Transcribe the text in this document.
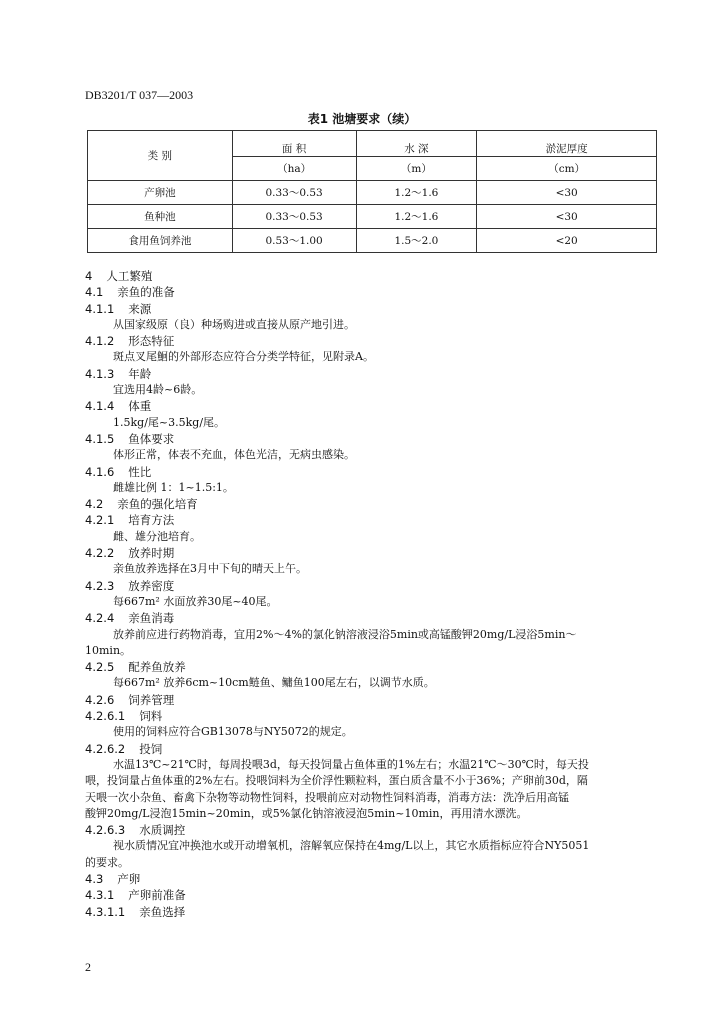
DB3201/T 037—2003
表1 池塘要求（续）
类 别	面 积	水 深	淤泥厚度
	（ha）	（m）	（cm）
产卵池	0.33～0.53	1.2～1.6	<30
鱼种池	0.33～0.53	1.2～1.6	<30
食用鱼饲养池	0.53～1.00	1.5～2.0	<20
4 人工繁殖
4.1 亲鱼的准备
4.1.1 来源
从国家级原（良）种场购进或直接从原产地引进。
4.1.2 形态特征
斑点叉尾鮰的外部形态应符合分类学特征，见附录A。
4.1.3 年龄
宜选用4龄~6龄。
4.1.4 体重
1.5kg/尾~3.5kg/尾。
4.1.5 鱼体要求
体形正常，体表不充血，体色光洁，无病虫感染。
4.1.6 性比
雌雄比例 1：1~1.5:1。
4.2 亲鱼的强化培育
4.2.1 培育方法
雌、雄分池培育。
4.2.2 放养时期
亲鱼放养选择在3月中下旬的晴天上午。
4.2.3 放养密度
每667m² 水面放养30尾~40尾。
4.2.4 亲鱼消毒
放养前应进行药物消毒，宜用2%～4%的氯化钠溶液浸浴5min或高锰酸钾20mg/L浸浴5min～
10min。
4.2.5 配养鱼放养
每667m² 放养6cm~10cm鲢鱼、鳙鱼100尾左右，以调节水质。
4.2.6 饲养管理
4.2.6.1 饲料
使用的饲料应符合GB13078与NY5072的规定。
4.2.6.2 投饲
水温13℃~21℃时，每周投喂3d，每天投饲量占鱼体重的1%左右；水温21℃～30℃时，每天投
喂，投饲量占鱼体重的2%左右。投喂饲料为全价浮性颗粒料，蛋白质含量不小于36%；产卵前30d，隔
天喂一次小杂鱼、畜禽下杂物等动物性饲料，投喂前应对动物性饲料消毒，消毒方法：洗净后用高锰
酸钾20mg/L浸泡15min~20min，或5%氯化钠溶液浸泡5min~10min，再用清水漂洗。
4.2.6.3 水质调控
视水质情况宜冲换池水或开动增氧机，溶解氧应保持在4mg/L以上，其它水质指标应符合NY5051
的要求。
4.3 产卵
4.3.1 产卵前准备
4.3.1.1 亲鱼选择
2
